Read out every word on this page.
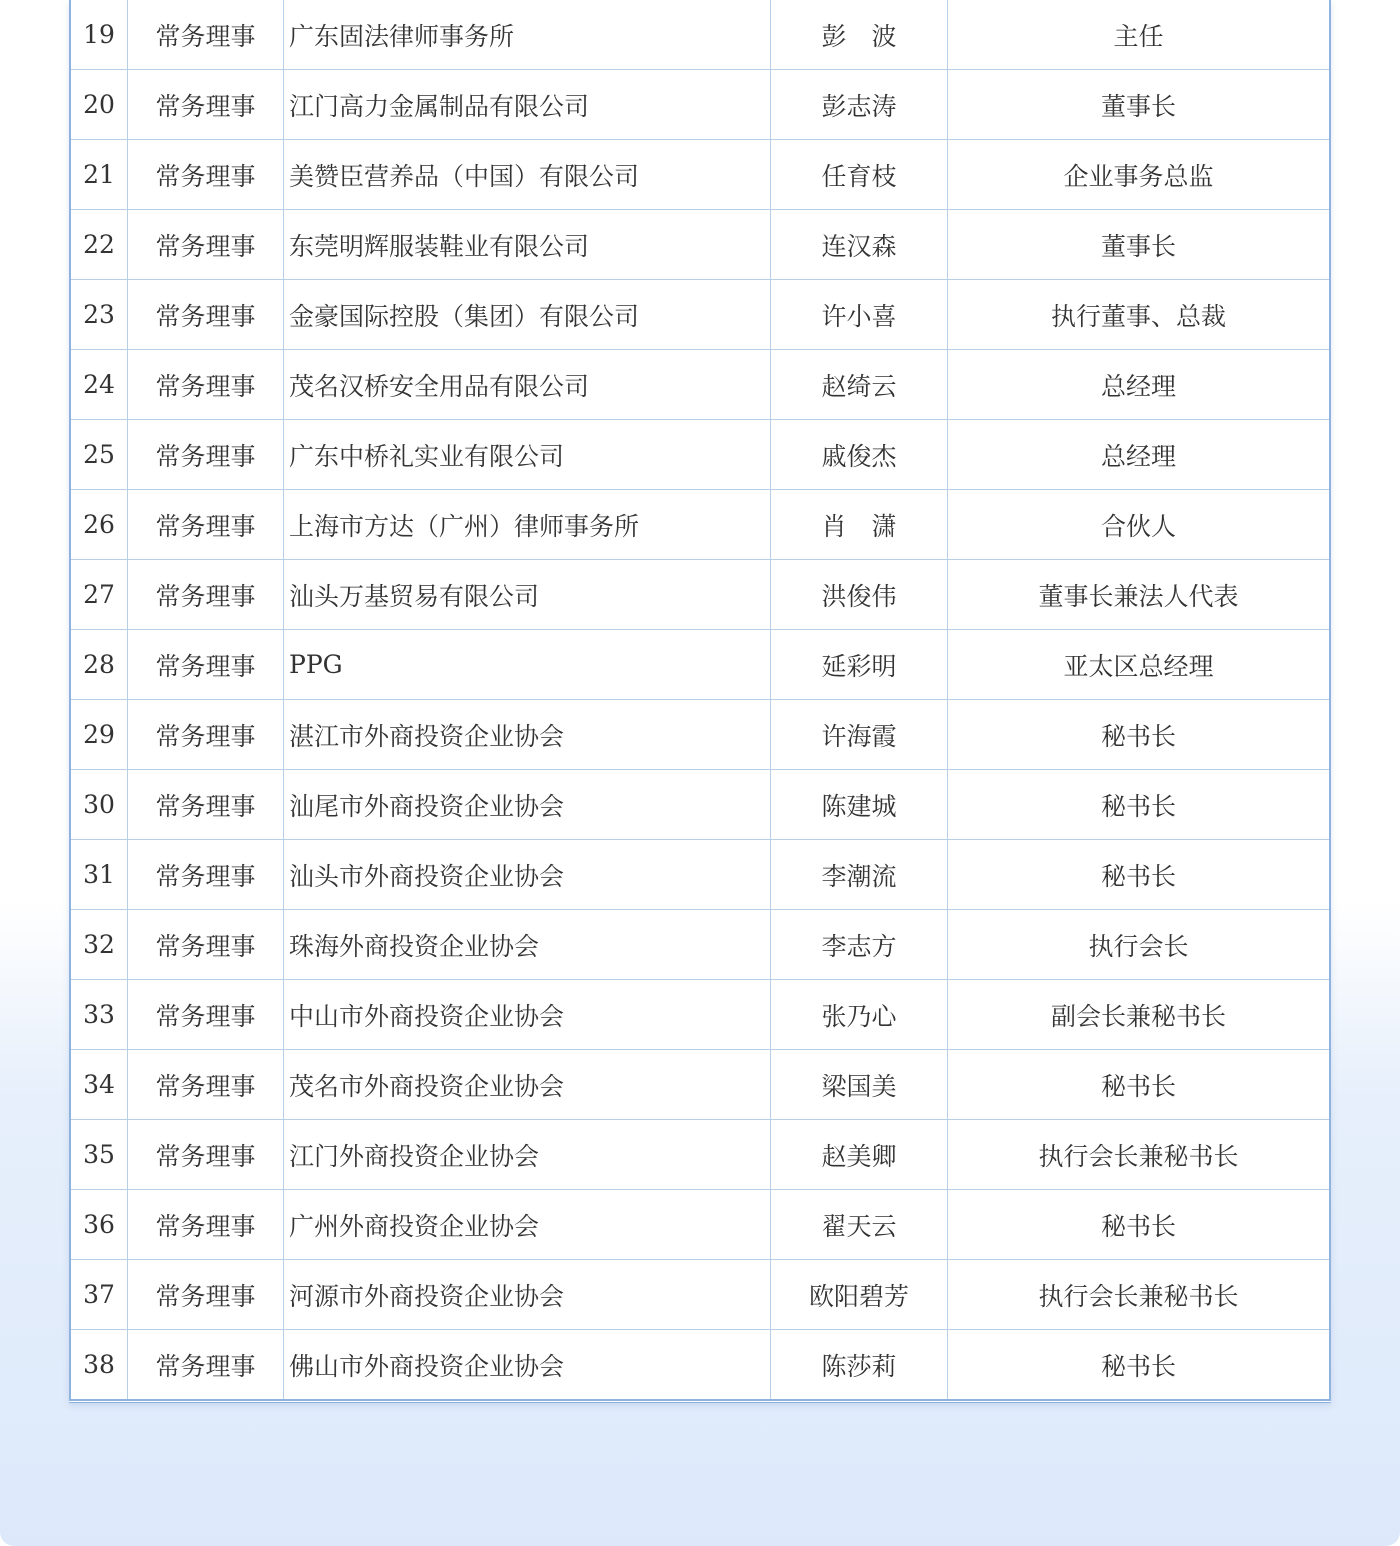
19	常务理事	广东固法律师事务所	彭　波	主任
20	常务理事	江门高力金属制品有限公司	彭志涛	董事长
21	常务理事	美赞臣营养品（中国）有限公司	任育枝	企业事务总监
22	常务理事	东莞明辉服装鞋业有限公司	连汉森	董事长
23	常务理事	金豪国际控股（集团）有限公司	许小喜	执行董事、总裁
24	常务理事	茂名汉桥安全用品有限公司	赵绮云	总经理
25	常务理事	广东中桥礼实业有限公司	戚俊杰	总经理
26	常务理事	上海市方达（广州）律师事务所	肖　潇	合伙人
27	常务理事	汕头万基贸易有限公司	洪俊伟	董事长兼法人代表
28	常务理事	PPG	延彩明	亚太区总经理
29	常务理事	湛江市外商投资企业协会	许海霞	秘书长
30	常务理事	汕尾市外商投资企业协会	陈建城	秘书长
31	常务理事	汕头市外商投资企业协会	李潮流	秘书长
32	常务理事	珠海外商投资企业协会	李志方	执行会长
33	常务理事	中山市外商投资企业协会	张乃心	副会长兼秘书长
34	常务理事	茂名市外商投资企业协会	梁国美	秘书长
35	常务理事	江门外商投资企业协会	赵美卿	执行会长兼秘书长
36	常务理事	广州外商投资企业协会	翟天云	秘书长
37	常务理事	河源市外商投资企业协会	欧阳碧芳	执行会长兼秘书长
38	常务理事	佛山市外商投资企业协会	陈莎莉	秘书长
